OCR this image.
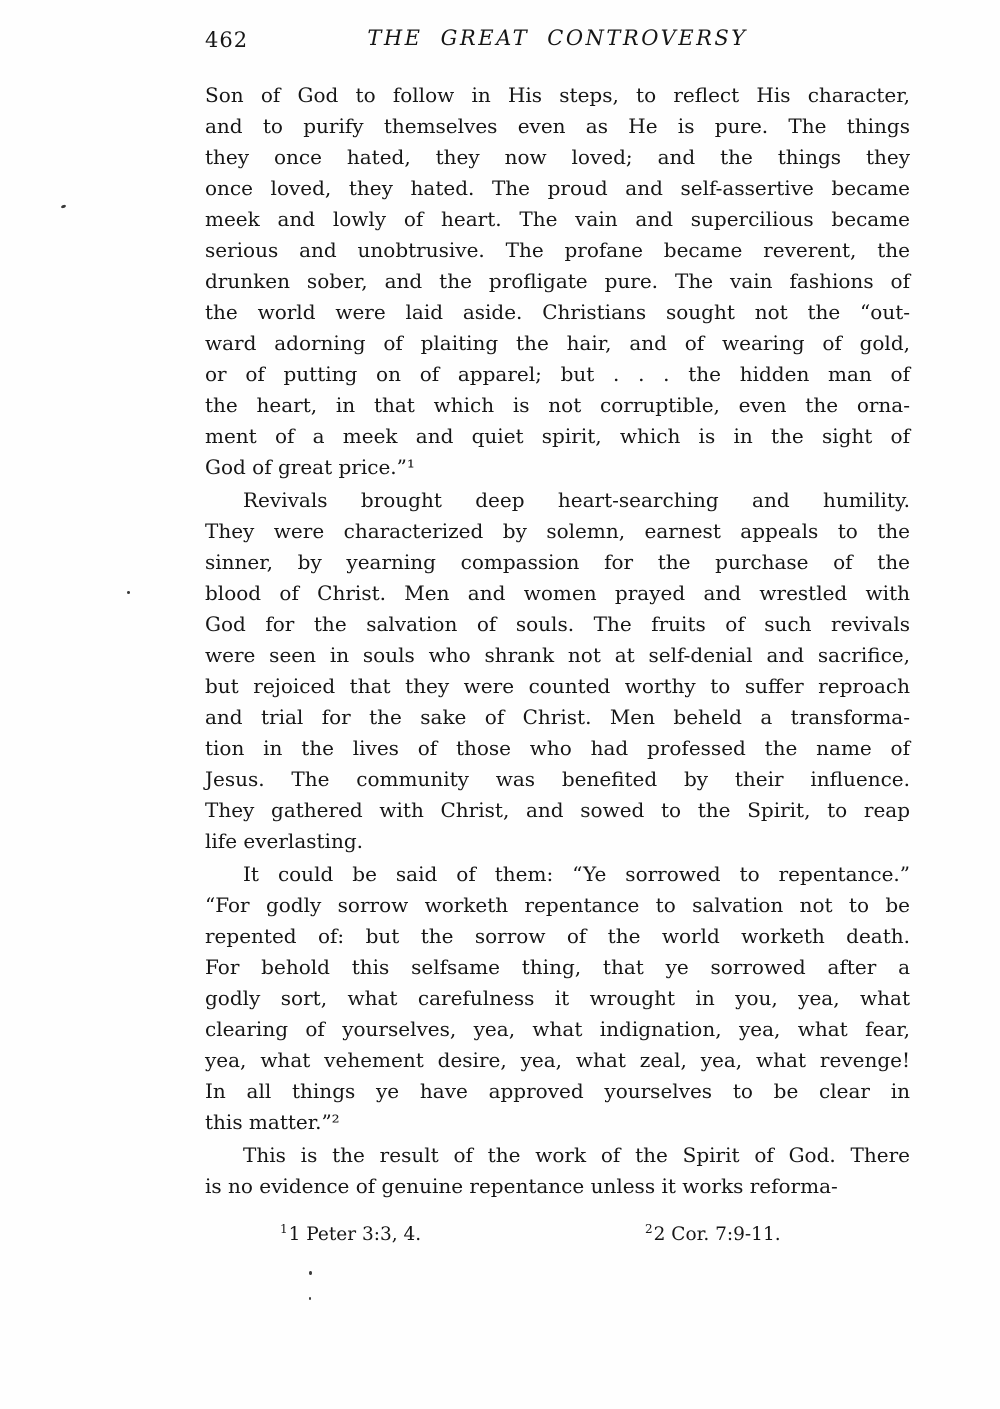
462	THE GREAT CONTROVERSY
Son of God to follow in His steps, to reflect His character,
and to purify themselves even as He is pure. The things
they once hated, they now loved; and the things they
once loved, they hated. The proud and self-assertive became
meek and lowly of heart. The vain and supercilious became
serious and unobtrusive. The profane became reverent, the
drunken sober, and the profligate pure. The vain fashions of
the world were laid aside. Christians sought not the “out-
ward adorning of plaiting the hair, and of wearing of gold,
or of putting on of apparel; but . . . the hidden man of
the heart, in that which is not corruptible, even the orna-
ment of a meek and quiet spirit, which is in the sight of
God of great price.”¹
Revivals brought deep heart-searching and humility.
They were characterized by solemn, earnest appeals to the
sinner, by yearning compassion for the purchase of the
blood of Christ. Men and women prayed and wrestled with
God for the salvation of souls. The fruits of such revivals
were seen in souls who shrank not at self-denial and sacrifice,
but rejoiced that they were counted worthy to suffer reproach
and trial for the sake of Christ. Men beheld a transforma-
tion in the lives of those who had professed the name of
Jesus. The community was benefited by their influence.
They gathered with Christ, and sowed to the Spirit, to reap
life everlasting.
It could be said of them: “Ye sorrowed to repentance.”
“For godly sorrow worketh repentance to salvation not to be
repented of: but the sorrow of the world worketh death.
For behold this selfsame thing, that ye sorrowed after a
godly sort, what carefulness it wrought in you, yea, what
clearing of yourselves, yea, what indignation, yea, what fear,
yea, what vehement desire, yea, what zeal, yea, what revenge!
In all things ye have approved yourselves to be clear in
this matter.”²
This is the result of the work of the Spirit of God. There
is no evidence of genuine repentance unless it works reforma-
$^1$1 Peter 3:3, 4.	$^2$2 Cor. 7:9-11.
